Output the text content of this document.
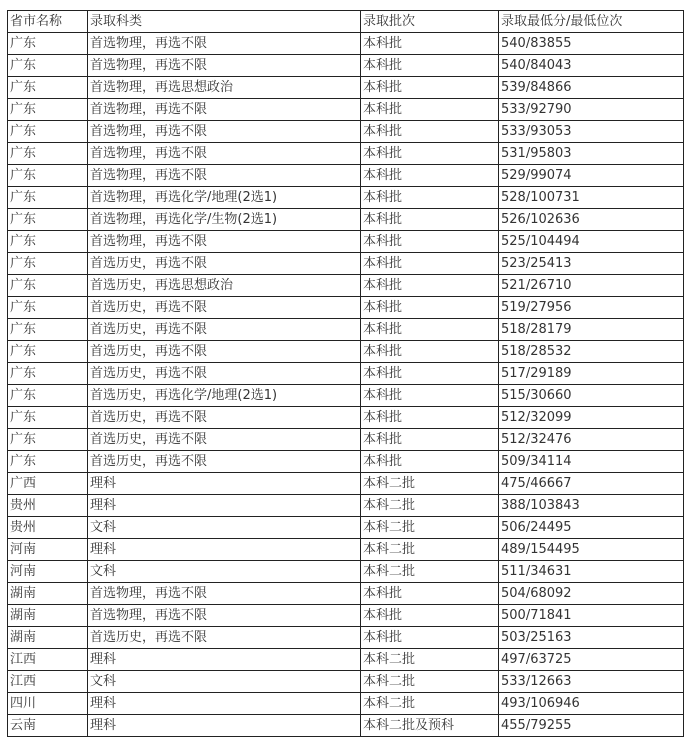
省市名称	录取科类	录取批次	录取最低分/最低位次
广东	首选物理，再选不限	本科批	540/83855
广东	首选物理，再选不限	本科批	540/84043
广东	首选物理，再选思想政治	本科批	539/84866
广东	首选物理，再选不限	本科批	533/92790
广东	首选物理，再选不限	本科批	533/93053
广东	首选物理，再选不限	本科批	531/95803
广东	首选物理，再选不限	本科批	529/99074
广东	首选物理，再选化学/地理(2选1)	本科批	528/100731
广东	首选物理，再选化学/生物(2选1)	本科批	526/102636
广东	首选物理，再选不限	本科批	525/104494
广东	首选历史，再选不限	本科批	523/25413
广东	首选历史，再选思想政治	本科批	521/26710
广东	首选历史，再选不限	本科批	519/27956
广东	首选历史，再选不限	本科批	518/28179
广东	首选历史，再选不限	本科批	518/28532
广东	首选历史，再选不限	本科批	517/29189
广东	首选历史，再选化学/地理(2选1)	本科批	515/30660
广东	首选历史，再选不限	本科批	512/32099
广东	首选历史，再选不限	本科批	512/32476
广东	首选历史，再选不限	本科批	509/34114
广西	理科	本科二批	475/46667
贵州	理科	本科二批	388/103843
贵州	文科	本科二批	506/24495
河南	理科	本科二批	489/154495
河南	文科	本科二批	511/34631
湖南	首选物理，再选不限	本科批	504/68092
湖南	首选物理，再选不限	本科批	500/71841
湖南	首选历史，再选不限	本科批	503/25163
江西	理科	本科二批	497/63725
江西	文科	本科二批	533/12663
四川	理科	本科二批	493/106946
云南	理科	本科二批及预科	455/79255
